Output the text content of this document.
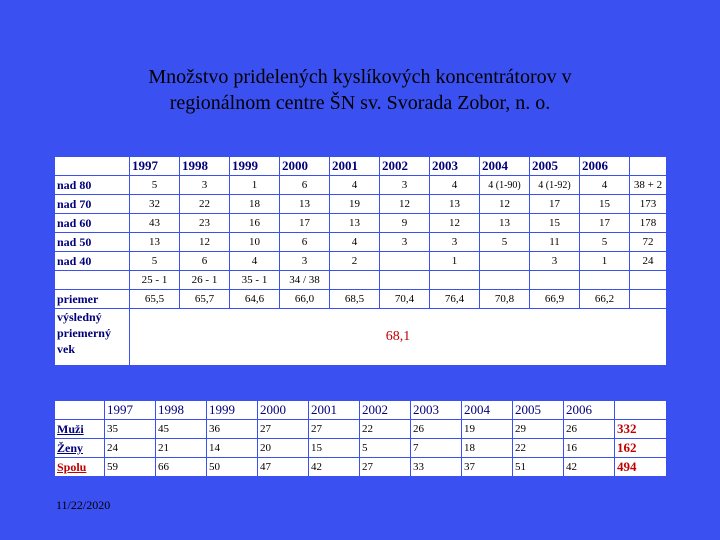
Množstvo pridelených kyslíkových koncentrátorov v
regionálnom centre ŠN sv. Svorada Zobor, n. o.
	1997	1998	1999	2000	2001	2002	2003	2004	2005	2006	
nad 80	5	3	1	6	4	3	4	4 (1-90)	4 (1-92)	4	38 + 2
nad 70	32	22	18	13	19	12	13	12	17	15	173
nad 60	43	23	16	17	13	9	12	13	15	17	178
nad 50	13	12	10	6	4	3	3	5	11	5	72
nad 40	5	6	4	3	2		1		3	1	24
	25 - 1	26 - 1	35 - 1	34 / 38							
priemer	65,5	65,7	64,6	66,0	68,5	70,4	76,4	70,8	66,9	66,2	
výsledný priemerný vek	68,1										
	1997	1998	1999	2000	2001	2002	2003	2004	2005	2006	
Muži	35	45	36	27	27	22	26	19	29	26	332
Ženy	24	21	14	20	15	5	7	18	22	16	162
Spolu	59	66	50	47	42	27	33	37	51	42	494
11/22/2020
